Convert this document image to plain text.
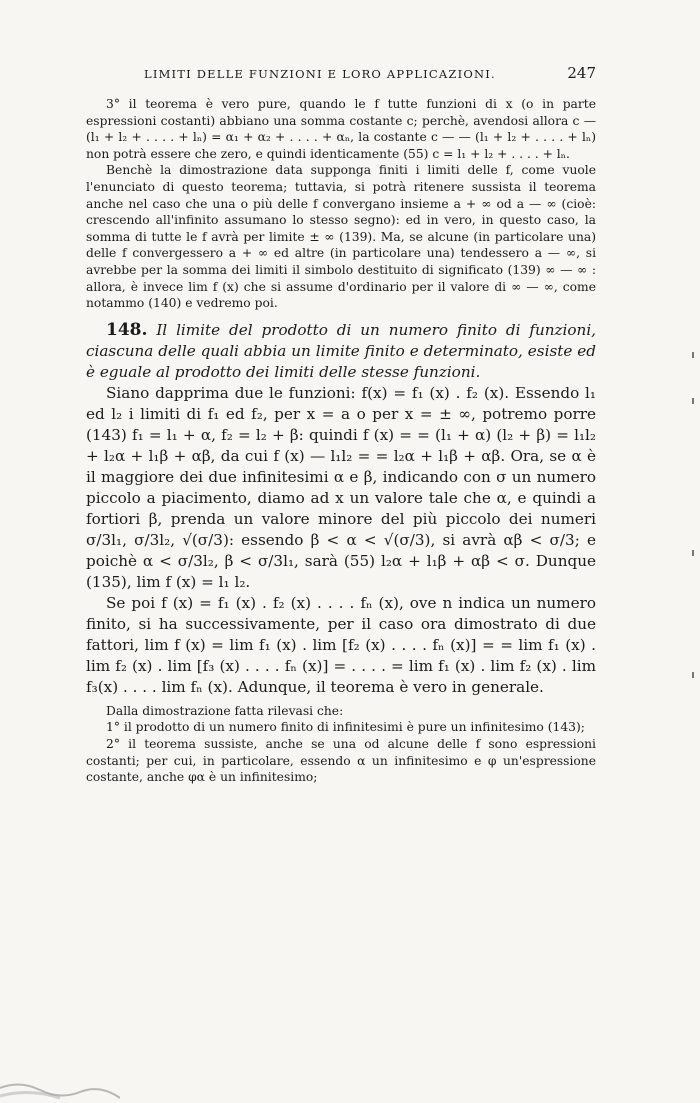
LIMITI DELLE FUNZIONI E LORO APPLICAZIONI.	247

3° il teorema è vero pure, quando le f tutte funzioni di x (o in parte espressioni costanti) abbiano una somma costante c; perchè, avendosi allora c — (l₁ + l₂ + . . . . + lₙ) = α₁ + α₂ + . . . . + αₙ, la costante c — — (l₁ + l₂ + . . . . + lₙ) non potrà essere che zero, e quindi identicamente (55) c = l₁ + l₂ + . . . . + lₙ.

Benchè la dimostrazione data supponga finiti i limiti delle f, come vuole l'enunciato di questo teorema; tuttavia, si potrà ritenere sussista il teorema anche nel caso che una o più delle f convergano insieme a + ∞ od a — ∞ (cioè: crescendo all'infinito assumano lo stesso segno): ed in vero, in questo caso, la somma di tutte le f avrà per limite ± ∞ (139). Ma, se alcune (in particolare una) delle f convergessero a + ∞ ed altre (in particolare una) tendessero a — ∞, si avrebbe per la somma dei limiti il simbolo destituito di significato (139) ∞ — ∞ : allora, è invece lim f (x) che si assume d'ordinario per il valore di ∞ — ∞, come notammo (140) e vedremo poi.

148. Il limite del prodotto di un numero finito di funzioni, ciascuna delle quali abbia un limite finito e determinato, esiste ed è eguale al prodotto dei limiti delle stesse funzioni.

Siano dapprima due le funzioni: f(x) = f₁ (x) . f₂ (x). Essendo l₁ ed l₂ i limiti di f₁ ed f₂, per x = a o per x = ± ∞, potremo porre (143) f₁ = l₁ + α, f₂ = l₂ + β: quindi f (x) = = (l₁ + α) (l₂ + β) = l₁l₂ + l₂α + l₁β + αβ, da cui f (x) — l₁l₂ = = l₂α + l₁β + αβ. Ora, se α è il maggiore dei due infinitesimi α e β, indicando con σ un numero piccolo a piacimento, diamo ad x un valore tale che α, e quindi a fortiori β, prenda un valore minore del più piccolo dei numeri σ/3l₁, σ/3l₂, √(σ/3): essendo β < α < √(σ/3), si avrà αβ < σ/3; e poichè α < σ/3l₂, β < σ/3l₁, sarà (55) l₂α + l₁β + αβ < σ. Dunque (135), lim f (x) = l₁ l₂.

Se poi f (x) = f₁ (x) . f₂ (x) . . . . fₙ (x), ove n indica un numero finito, si ha successivamente, per il caso ora dimostrato di due fattori, lim f (x) = lim f₁ (x) . lim [f₂ (x) . . . . fₙ (x)] = = lim f₁ (x) . lim f₂ (x) . lim [f₃ (x) . . . . fₙ (x)] = . . . . = lim f₁ (x) . lim f₂ (x) . lim f₃(x) . . . . lim fₙ (x). Adunque, il teorema è vero in generale.

Dalla dimostrazione fatta rilevasi che:

1° il prodotto di un numero finito di infinitesimi è pure un infinitesimo (143);

2° il teorema sussiste, anche se una od alcune delle f sono espressioni costanti; per cui, in particolare, essendo α un infinitesimo e φ un'espressione costante, anche φα è un infinitesimo;
